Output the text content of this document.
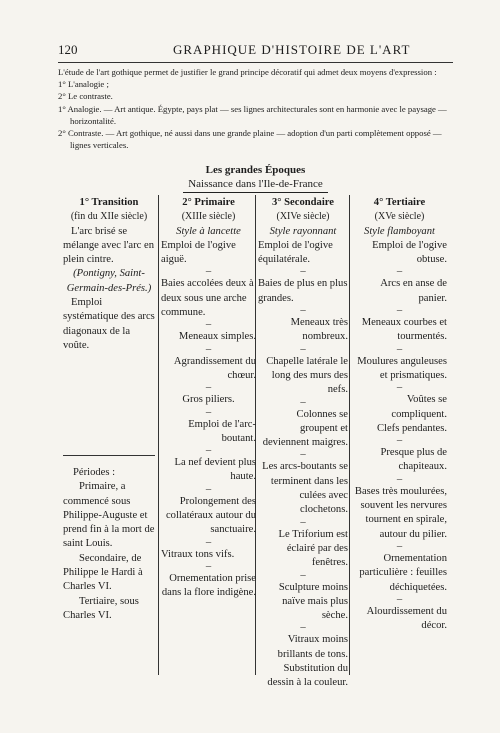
120	GRAPHIQUE D'HISTOIRE DE L'ART

L'étude de l'art gothique permet de justifier le grand principe décoratif qui admet deux moyens d'expression :

1° L'analogie ;

2° Le contraste.

1° Analogie. — Art antique. Égypte, pays plat — ses lignes architecturales sont en harmonie avec le paysage — horizontalité.

2° Contraste. — Art gothique, né aussi dans une grande plaine — adoption d'un parti complètement opposé — lignes verticales.

Les grandes Époques
Naissance dans l'Ile-de-France
1° Transition
(fin du XIIe siècle)

L'arc brisé se mélange avec l'arc en plein cintre.

(Pontigny, Saint-Germain-des-Prés.)

Emploi systématique des arcs diagonaux de la voûte.

2° Primaire
(XIIIe siècle)
Style à lancette

Emploi de l'ogive aiguë.

–

Baies accolées deux à deux sous une arche commune.

–

Meneaux simples.

–

Agrandissement du chœur.

–

Gros piliers.

–

Emploi de l'arc-boutant.

–

La nef devient plus haute.

–

Prolongement des collatéraux autour du sanctuaire.

–

Vitraux tons vifs.

–

Ornementation prise dans la flore indigène.

3° Secondaire
(XIVe siècle)
Style rayonnant

Emploi de l'ogive équilatérale.

–

Baies de plus en plus grandes.

–

Meneaux très nombreux.

–

Chapelle latérale le long des murs des nefs.

–

Colonnes se groupent et deviennent maigres.

–

Les arcs-boutants se terminent dans les culées avec clochetons.

–

Le Triforium est éclairé par des fenêtres.

–

Sculpture moins naïve mais plus sèche.

–

Vitraux moins brillants de tons. Substitution du dessin à la couleur.

4° Tertiaire
(XVe siècle)
Style flamboyant

Emploi de l'ogive obtuse.

–

Arcs en anse de panier.

–

Meneaux courbes et tourmentés.

–

Moulures anguleuses et prismatiques.

–

Voûtes se compliquent.

Clefs pendantes.

–

Presque plus de chapiteaux.

–

Bases très moulurées, souvent les nervures tournent en spirale, autour du pilier.

–

Ornementation particulière : feuilles déchiquetées.

–

Alourdissement du décor.

Périodes :

Primaire, a commencé sous Philippe-Auguste et prend fin à la mort de saint Louis.

Secondaire, de Philippe le Hardi à Charles VI.

Tertiaire, sous Charles VI.
